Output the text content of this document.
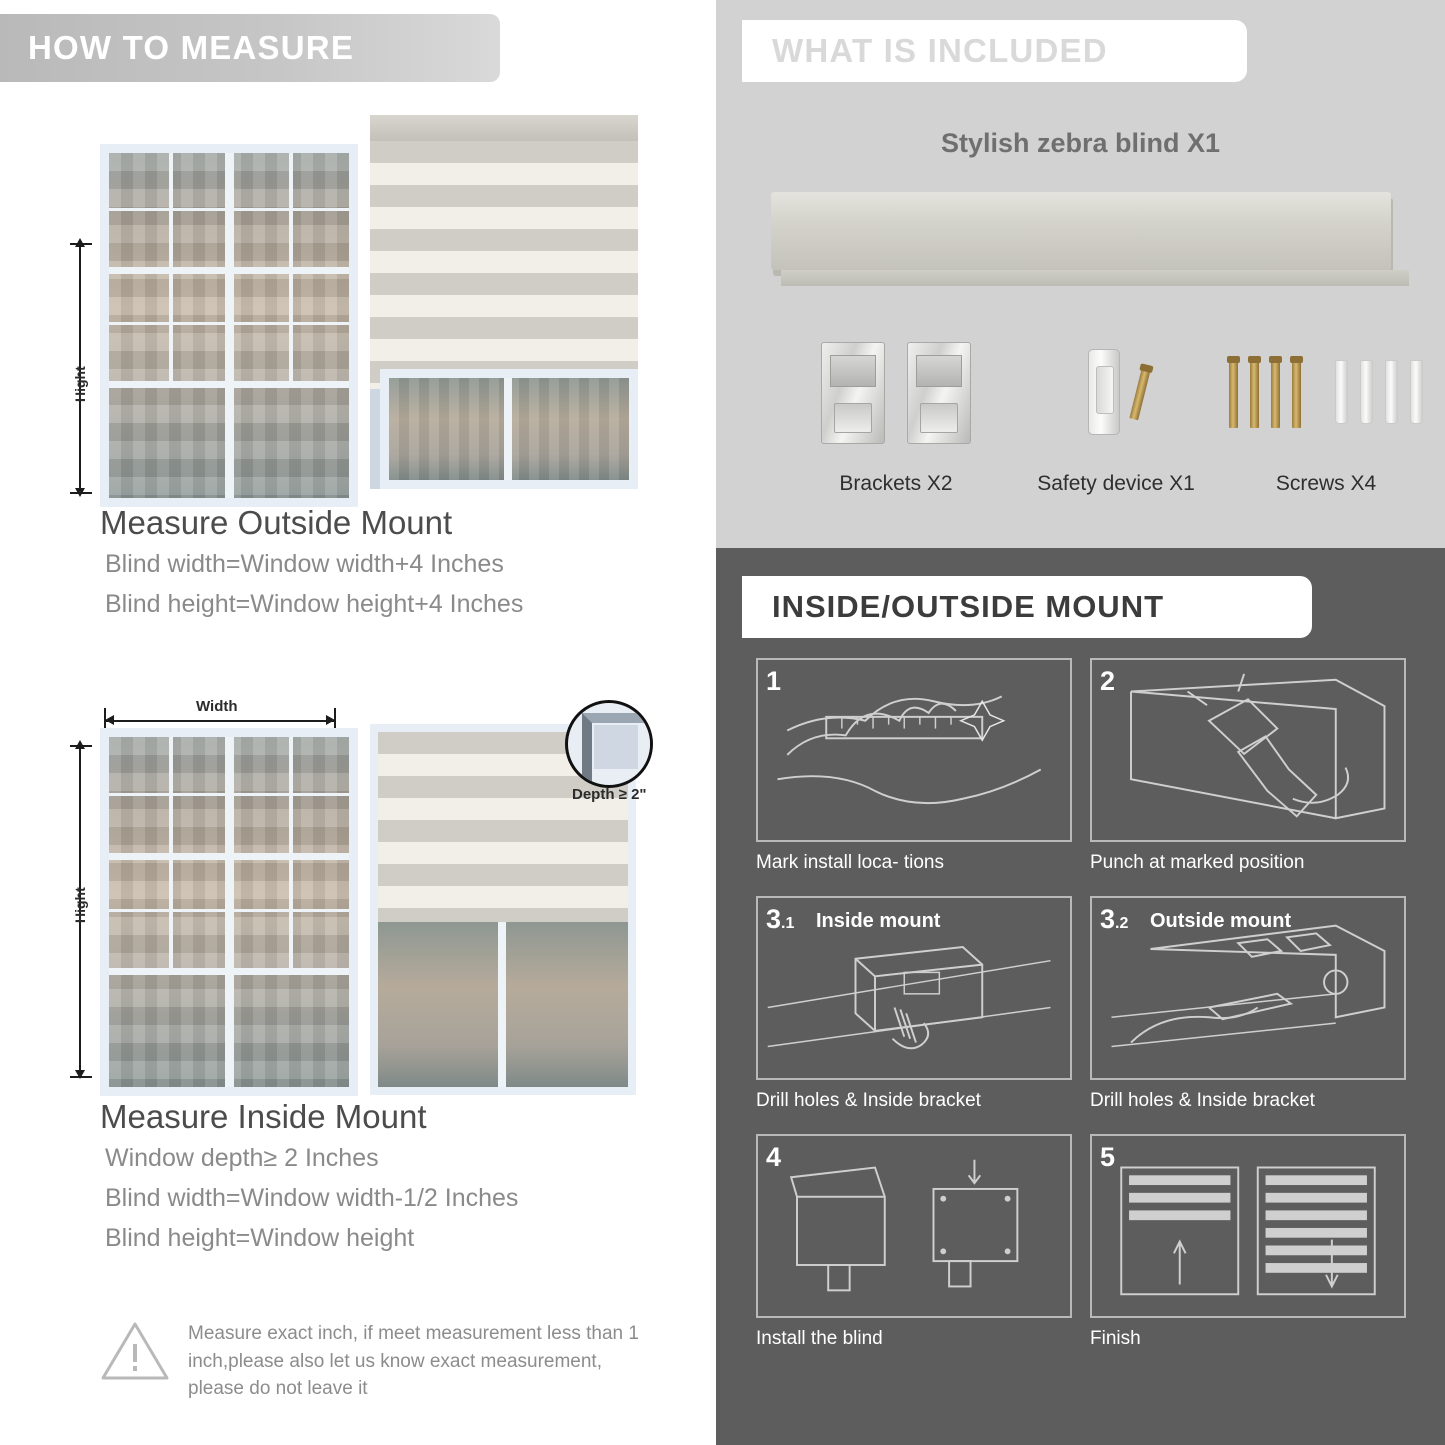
HOW TO MEASURE
Hight
Measure Outside Mount
Blind width=Window width+4 Inches
Blind height=Window height+4 Inches
Width
Hight
Depth ≥ 2"
Measure Inside Mount
Window depth≥ 2 Inches
Blind width=Window width-1/2 Inches
Blind height=Window height

Measure exact inch, if meet measurement less than 1 inch,please also let us know exact measurement, please do not leave it

WHAT IS INCLUDED
Stylish zebra blind X1
Brackets X2	Safety device X1	Screws X4
INSIDE/OUTSIDE MOUNT
1
Mark install loca- tions
2
Punch at marked position
3.1 Inside mount
Drill holes & Inside bracket
3.2 Outside mount
Drill holes & Inside bracket
4
Install the blind
5
Finish
